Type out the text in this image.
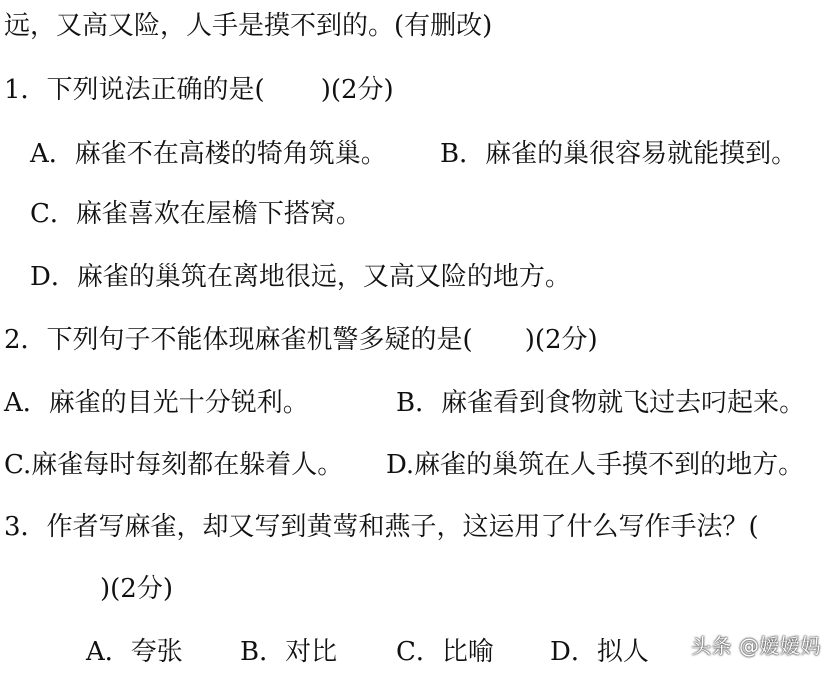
远，又高又险，人手是摸不到的。(有删改)
1．下列说法正确的是( )(2分)
A．麻雀不在高楼的犄角筑巢。 B．麻雀的巢很容易就能摸到。
C．麻雀喜欢在屋檐下搭窝。
D．麻雀的巢筑在离地很远，又高又险的地方。
2．下列句子不能体现麻雀机警多疑的是( )(2分)
A．麻雀的目光十分锐利。	B．麻雀看到食物就飞过去叼起来。
C.麻雀每时每刻都在躲着人。 D.麻雀的巢筑在人手摸不到的地方。
3．作者写麻雀，却又写到黄莺和燕子，这运用了什么写作手法？(
)(2分)
A．夸张 B．对比 C．比喻 D．拟人 头条 @嫒嫒妈
